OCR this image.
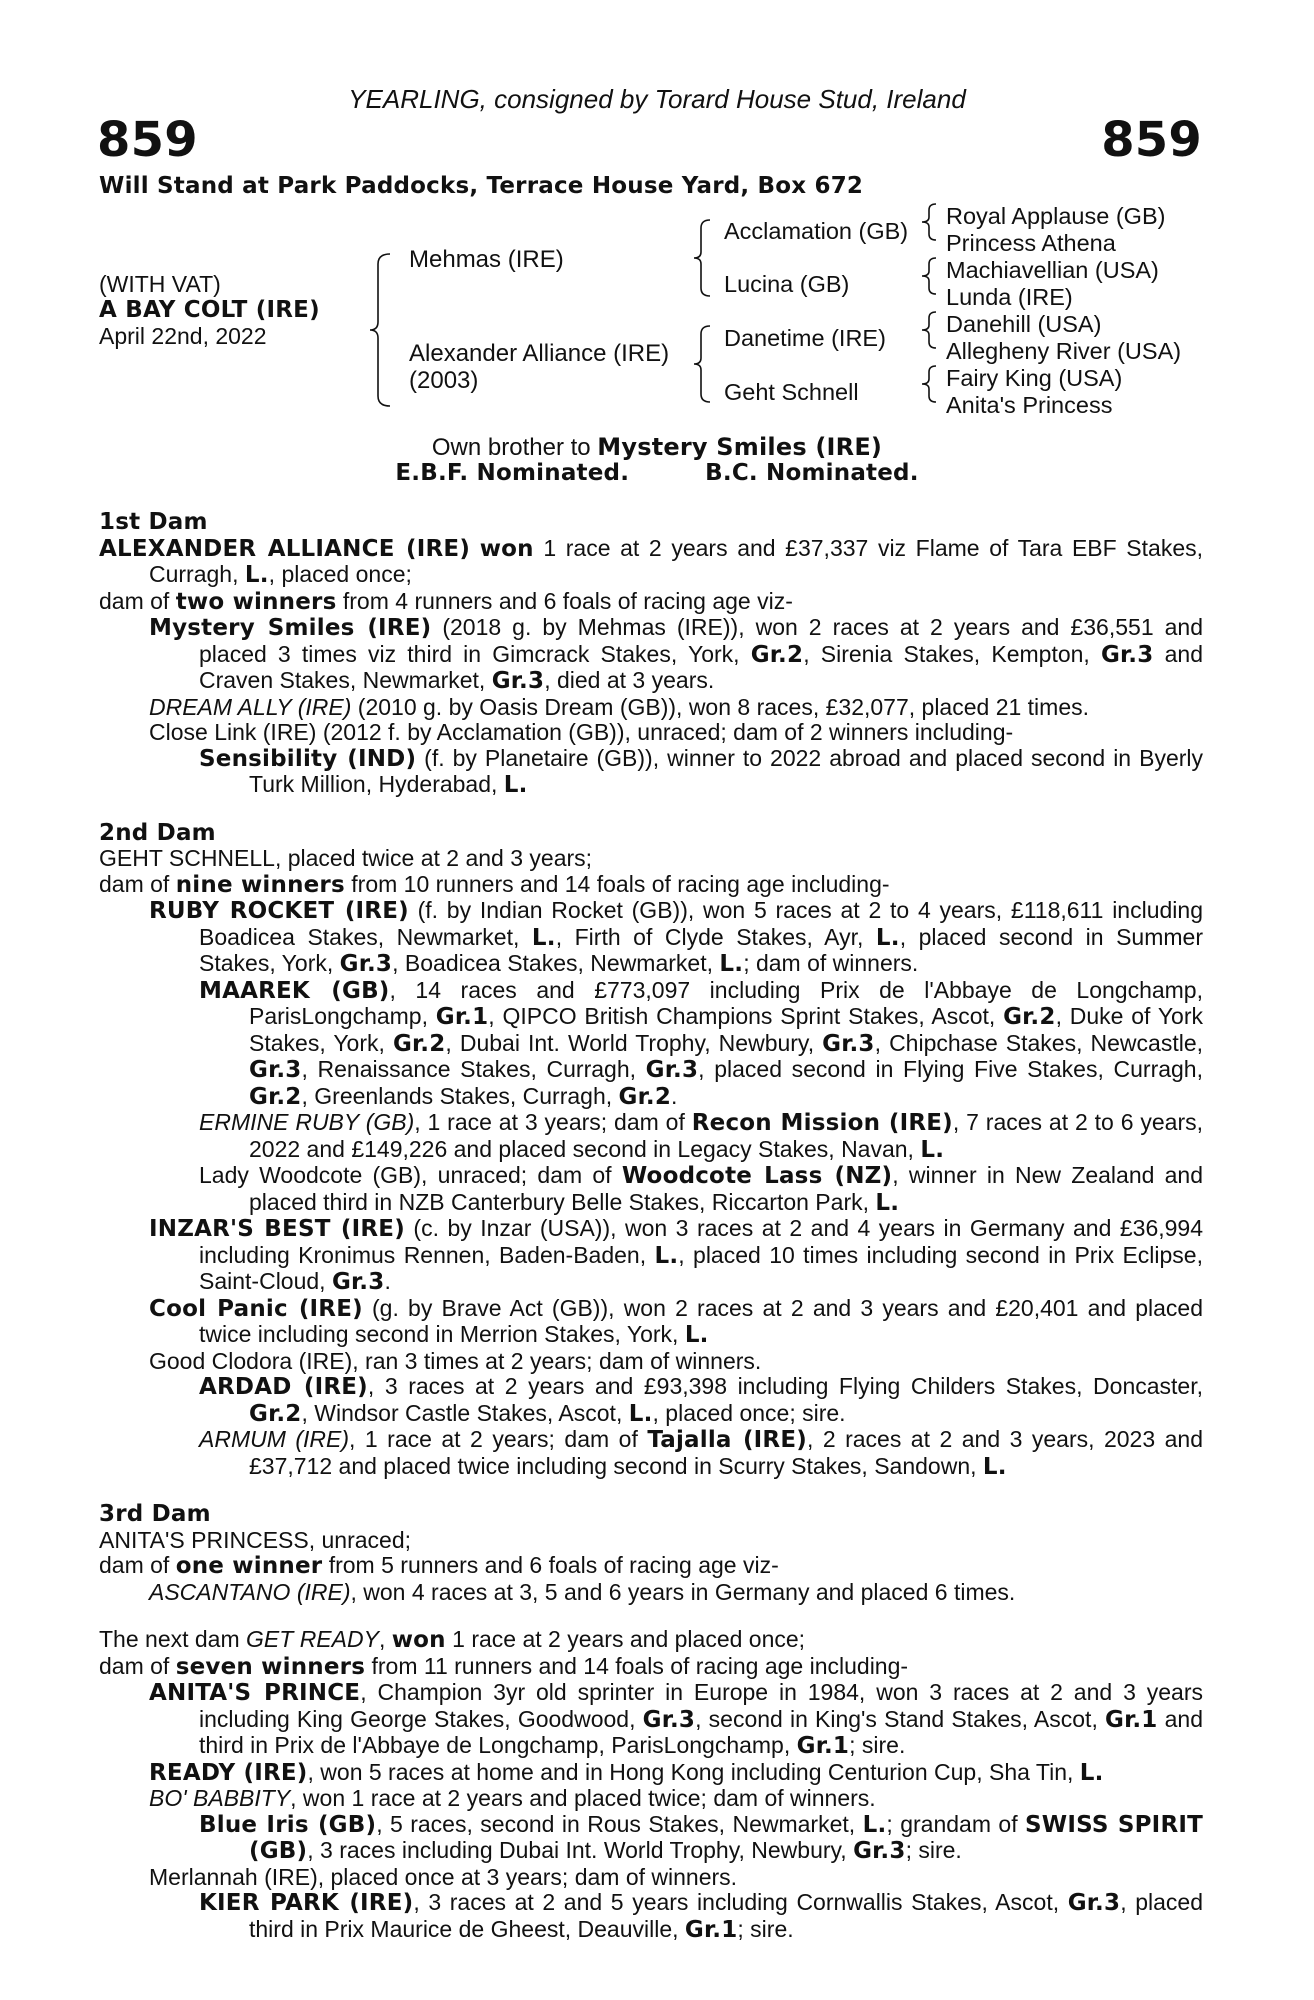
YEARLING, consigned by Torard House Stud, Ireland
859	859
Will Stand at Park Paddocks, Terrace House Yard, Box 672
(WITH VAT)
A BAY COLT (IRE)
April 22nd, 2022
Mehmas (IRE)
Alexander Alliance (IRE)
(2003)
Acclamation (GB)
Lucina (GB)
Danetime (IRE)
Geht Schnell
Royal Applause (GB)
Princess Athena
Machiavellian (USA)
Lunda (IRE)
Danehill (USA)
Allegheny River (USA)
Fairy King (USA)
Anita's Princess
Own brother to Mystery Smiles (IRE)
E.B.F. Nominated.	B.C. Nominated.
1st Dam
ALEXANDER ALLIANCE (IRE) won 1 race at 2 years and £37,337 viz Flame of Tara EBF Stakes, Curragh, L., placed once;
dam of two winners from 4 runners and 6 foals of racing age viz-
Mystery Smiles (IRE) (2018 g. by Mehmas (IRE)), won 2 races at 2 years and £36,551 and placed 3 times viz third in Gimcrack Stakes, York, Gr.2, Sirenia Stakes, Kempton, Gr.3 and Craven Stakes, Newmarket, Gr.3, died at 3 years.
DREAM ALLY (IRE) (2010 g. by Oasis Dream (GB)), won 8 races, £32,077, placed 21 times.
Close Link (IRE) (2012 f. by Acclamation (GB)), unraced; dam of 2 winners including-
Sensibility (IND) (f. by Planetaire (GB)), winner to 2022 abroad and placed second in Byerly Turk Million, Hyderabad, L.
2nd Dam
GEHT SCHNELL, placed twice at 2 and 3 years;
dam of nine winners from 10 runners and 14 foals of racing age including-
RUBY ROCKET (IRE) (f. by Indian Rocket (GB)), won 5 races at 2 to 4 years, £118,611 including Boadicea Stakes, Newmarket, L., Firth of Clyde Stakes, Ayr, L., placed second in Summer Stakes, York, Gr.3, Boadicea Stakes, Newmarket, L.; dam of winners.
MAAREK (GB), 14 races and £773,097 including Prix de l'Abbaye de Longchamp, ParisLongchamp, Gr.1, QIPCO British Champions Sprint Stakes, Ascot, Gr.2, Duke of York Stakes, York, Gr.2, Dubai Int. World Trophy, Newbury, Gr.3, Chipchase Stakes, Newcastle, Gr.3, Renaissance Stakes, Curragh, Gr.3, placed second in Flying Five Stakes, Curragh, Gr.2, Greenlands Stakes, Curragh, Gr.2.
ERMINE RUBY (GB), 1 race at 3 years; dam of Recon Mission (IRE), 7 races at 2 to 6 years, 2022 and £149,226 and placed second in Legacy Stakes, Navan, L.
Lady Woodcote (GB), unraced; dam of Woodcote Lass (NZ), winner in New Zealand and placed third in NZB Canterbury Belle Stakes, Riccarton Park, L.
INZAR'S BEST (IRE) (c. by Inzar (USA)), won 3 races at 2 and 4 years in Germany and £36,994 including Kronimus Rennen, Baden-Baden, L., placed 10 times including second in Prix Eclipse, Saint-Cloud, Gr.3.
Cool Panic (IRE) (g. by Brave Act (GB)), won 2 races at 2 and 3 years and £20,401 and placed twice including second in Merrion Stakes, York, L.
Good Clodora (IRE), ran 3 times at 2 years; dam of winners.
ARDAD (IRE), 3 races at 2 years and £93,398 including Flying Childers Stakes, Doncaster, Gr.2, Windsor Castle Stakes, Ascot, L., placed once; sire.
ARMUM (IRE), 1 race at 2 years; dam of Tajalla (IRE), 2 races at 2 and 3 years, 2023 and £37,712 and placed twice including second in Scurry Stakes, Sandown, L.
3rd Dam
ANITA'S PRINCESS, unraced;
dam of one winner from 5 runners and 6 foals of racing age viz-
ASCANTANO (IRE), won 4 races at 3, 5 and 6 years in Germany and placed 6 times.
The next dam GET READY, won 1 race at 2 years and placed once;
dam of seven winners from 11 runners and 14 foals of racing age including-
ANITA'S PRINCE, Champion 3yr old sprinter in Europe in 1984, won 3 races at 2 and 3 years including King George Stakes, Goodwood, Gr.3, second in King's Stand Stakes, Ascot, Gr.1 and third in Prix de l'Abbaye de Longchamp, ParisLongchamp, Gr.1; sire.
READY (IRE), won 5 races at home and in Hong Kong including Centurion Cup, Sha Tin, L.
BO' BABBITY, won 1 race at 2 years and placed twice; dam of winners.
Blue Iris (GB), 5 races, second in Rous Stakes, Newmarket, L.; grandam of SWISS SPIRIT (GB), 3 races including Dubai Int. World Trophy, Newbury, Gr.3; sire.
Merlannah (IRE), placed once at 3 years; dam of winners.
KIER PARK (IRE), 3 races at 2 and 5 years including Cornwallis Stakes, Ascot, Gr.3, placed third in Prix Maurice de Gheest, Deauville, Gr.1; sire.
